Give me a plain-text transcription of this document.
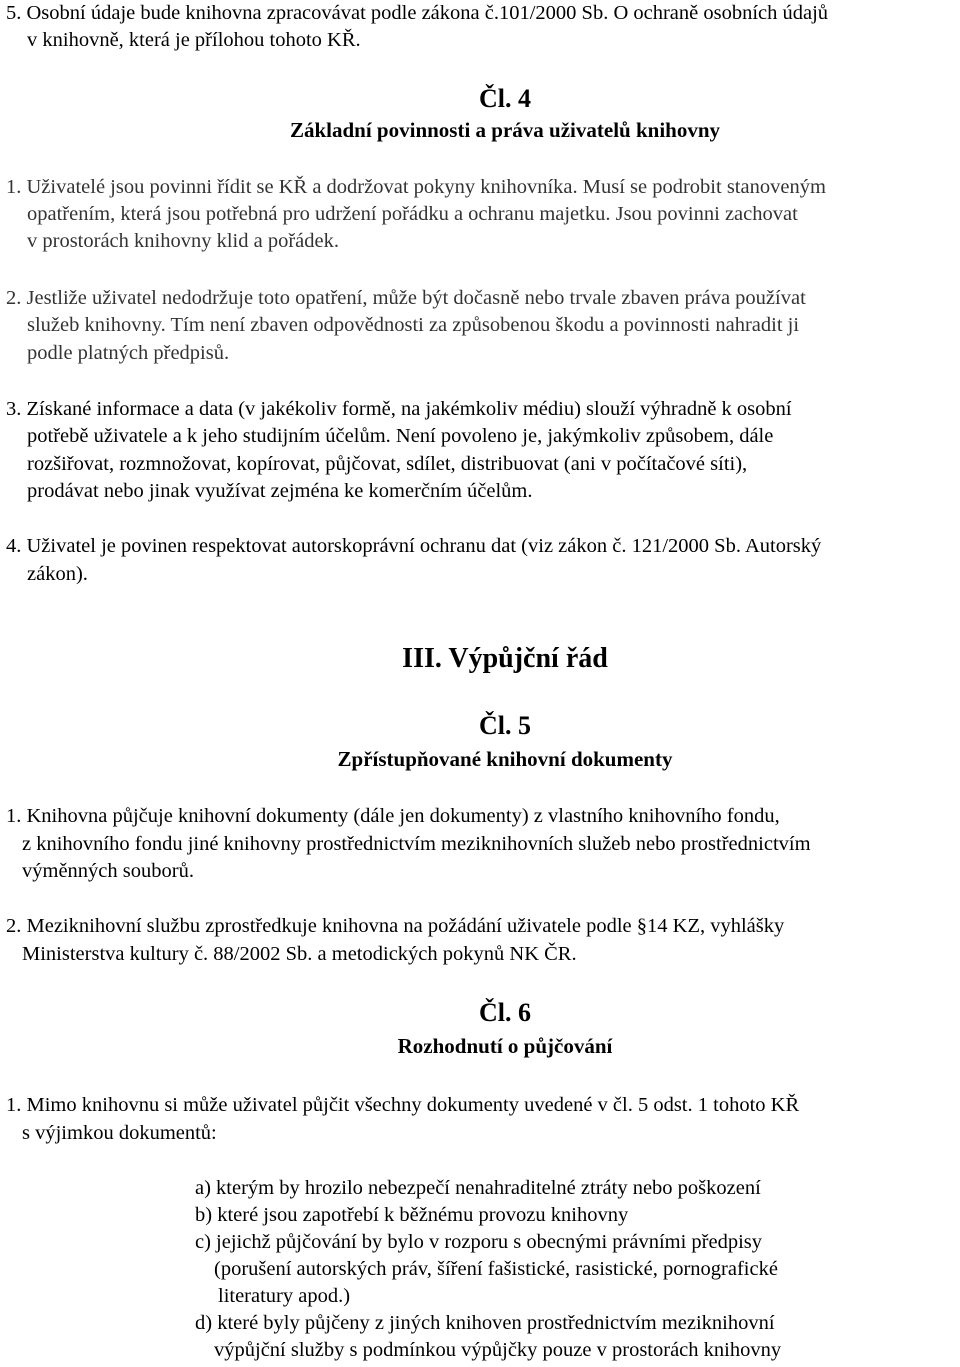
5. Osobní údaje bude knihovna zpracovávat podle zákona č.101/2000 Sb. O ochraně osobních údajů
v knihovně, která je přílohou tohoto KŘ.
Čl. 4
Základní povinnosti a práva uživatelů knihovny
1. Uživatelé jsou povinni řídit se KŘ a dodržovat pokyny knihovníka. Musí se podrobit stanoveným
opatřením, která jsou potřebná pro udržení pořádku a ochranu majetku. Jsou povinni zachovat
v prostorách knihovny klid a pořádek.
2. Jestliže uživatel nedodržuje toto opatření, může být dočasně nebo trvale zbaven práva používat
služeb knihovny. Tím není zbaven odpovědnosti za způsobenou škodu a povinnosti nahradit ji
podle platných předpisů.
3. Získané informace a data (v jakékoliv formě, na jakémkoliv médiu) slouží výhradně k osobní
potřebě uživatele a k jeho studijním účelům. Není povoleno je, jakýmkoliv způsobem, dále
rozšiřovat, rozmnožovat, kopírovat, půjčovat, sdílet, distribuovat (ani v počítačové síti),
prodávat nebo jinak využívat zejména ke komerčním účelům.
4. Uživatel je povinen respektovat autorskoprávní ochranu dat (viz zákon č. 121/2000 Sb. Autorský
zákon).
III. Výpůjční řád
Čl. 5
Zpřístupňované knihovní dokumenty
1. Knihovna půjčuje knihovní dokumenty (dále jen dokumenty) z vlastního knihovního fondu,
z knihovního fondu jiné knihovny prostřednictvím meziknihovních služeb nebo prostřednictvím
výměnných souborů.
2. Meziknihovní službu zprostředkuje knihovna na požádání uživatele podle §14 KZ, vyhlášky
Ministerstva kultury č. 88/2002 Sb. a metodických pokynů NK ČR.
Čl. 6
Rozhodnutí o půjčování
1. Mimo knihovnu si může uživatel půjčit všechny dokumenty uvedené v čl. 5 odst. 1 tohoto KŘ
s výjimkou dokumentů:
a) kterým by hrozilo nebezpečí nenahraditelné ztráty nebo poškození
b) které jsou zapotřebí k běžnému provozu knihovny
c) jejichž půjčování by bylo v rozporu s obecnými právními předpisy
(porušení autorských práv, šíření fašistické, rasistické, pornografické
literatury apod.)
d) které byly půjčeny z jiných knihoven prostřednictvím meziknihovní
výpůjční služby s podmínkou výpůjčky pouze v prostorách knihovny
